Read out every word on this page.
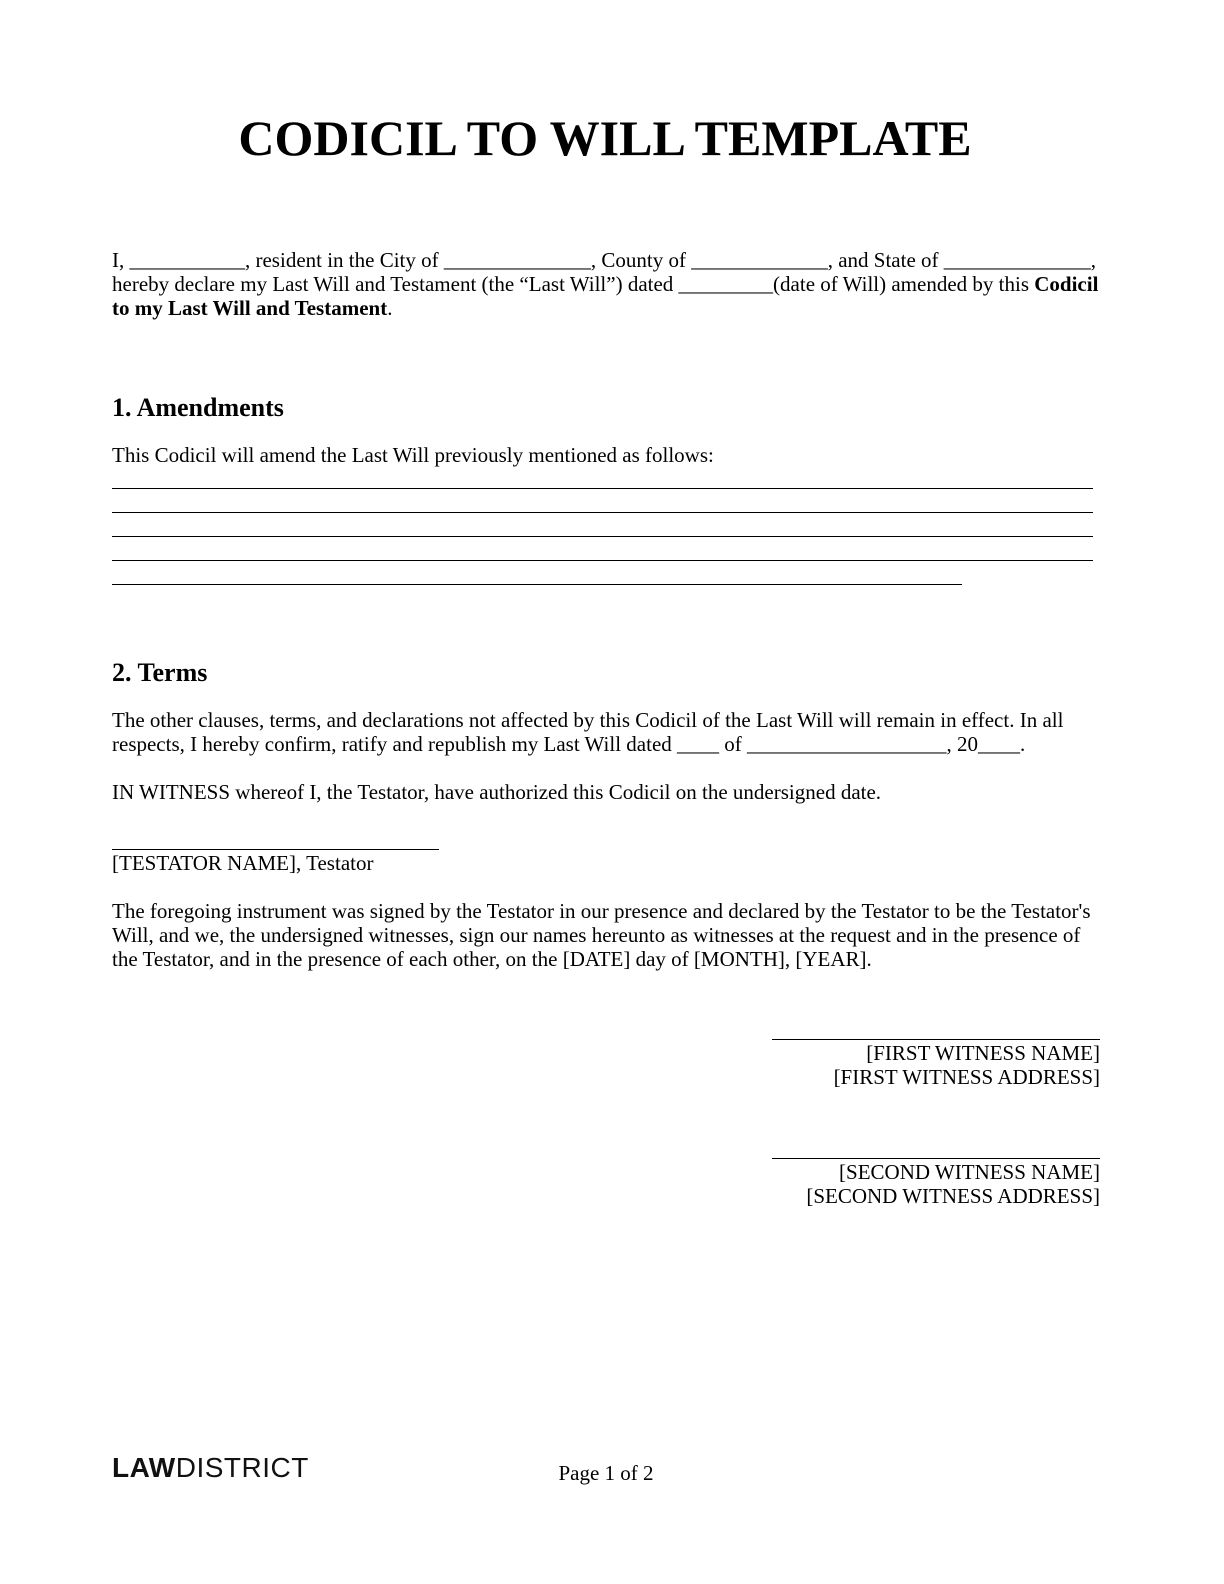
CODICIL TO WILL TEMPLATE

I, ___________, resident in the City of ______________, County of _____________, and State of ______________, hereby declare my Last Will and Testament (the “Last Will”) dated _________(date of Will) amended by this Codicil to my Last Will and Testament.

1. Amendments

This Codicil will amend the Last Will previously mentioned as follows:

2. Terms

The other clauses, terms, and declarations not affected by this Codicil of the Last Will will remain in effect. In all respects, I hereby confirm, ratify and republish my Last Will dated ____ of ___________________, 20____.

IN WITNESS whereof I, the Testator, have authorized this Codicil on the undersigned date.

[TESTATOR NAME], Testator

The foregoing instrument was signed by the Testator in our presence and declared by the Testator to be the Testator's Will, and we, the undersigned witnesses, sign our names hereunto as witnesses at the request and in the presence of the Testator, and in the presence of each other, on the [DATE] day of [MONTH], [YEAR].

[FIRST WITNESS NAME]

[FIRST WITNESS ADDRESS]

[SECOND WITNESS NAME]

[SECOND WITNESS ADDRESS]

LAWDISTRICT	Page 1 of 2
